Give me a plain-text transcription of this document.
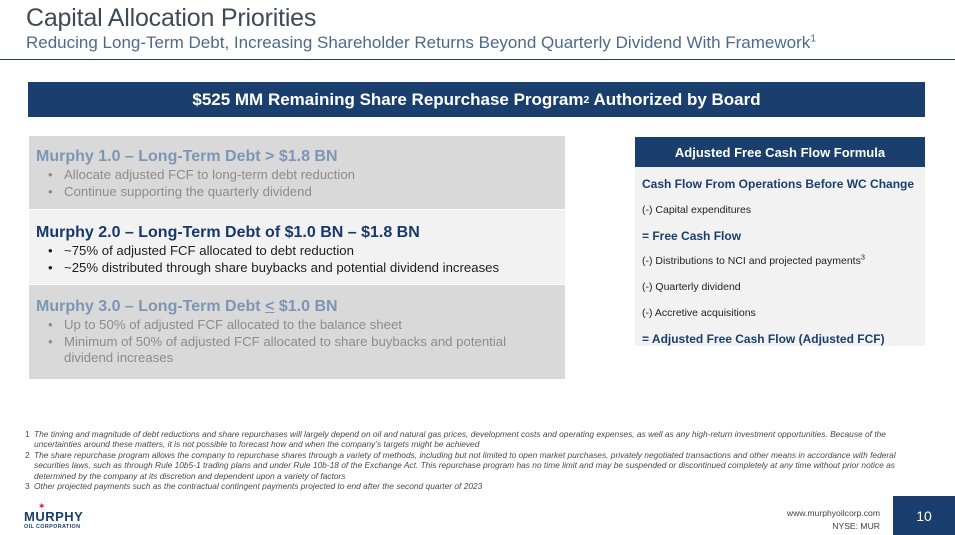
Capital Allocation Priorities
Reducing Long-Term Debt, Increasing Shareholder Returns Beyond Quarterly Dividend With Framework$^1$
$525 MM Remaining Share Repurchase Program 2 Authorized by Board
Murphy 1.0 – Long-Term Debt > $1.8 BN
• Allocate adjusted FCF to long-term debt reduction
• Continue supporting the quarterly dividend
Murphy 2.0 – Long-Term Debt of $1.0 BN – $1.8 BN
• ~75% of adjusted FCF allocated to debt reduction
• ~25% distributed through share buybacks and potential dividend increases
Murphy 3.0 – Long-Term Debt ≤ $1.0 BN
• Up to 50% of adjusted FCF allocated to the balance sheet
• Minimum of 50% of adjusted FCF allocated to share buybacks and potential dividend increases
Adjusted Free Cash Flow Formula
Cash Flow From Operations Before WC Change
(-) Capital expenditures
= Free Cash Flow
(-) Distributions to NCI and projected payments$^3$
(-) Quarterly dividend
(-) Accretive acquisitions
= Adjusted Free Cash Flow (Adjusted FCF)
1 The timing and magnitude of debt reductions and share repurchases will largely depend on oil and natural gas prices, development costs and operating expenses, as well as any high-return investment opportunities. Because of the uncertainties around these matters, it is not possible to forecast how and when the company’s targets might be achieved
2 The share repurchase program allows the company to repurchase shares through a variety of methods, including but not limited to open market purchases, privately negotiated transactions and other means in accordance with federal securities laws, such as through Rule 10b5-1 trading plans and under Rule 10b-18 of the Exchange Act. This repurchase program has no time limit and may be suspended or discontinued completely at any time without prior notice as determined by the company at its discretion and dependent upon a variety of factors
3 Other projected payments such as the contractual contingent payments projected to end after the second quarter of 2023
✶
MURPHY
OIL CORPORATION
www.murphyoilcorp.com
NYSE: MUR
10
